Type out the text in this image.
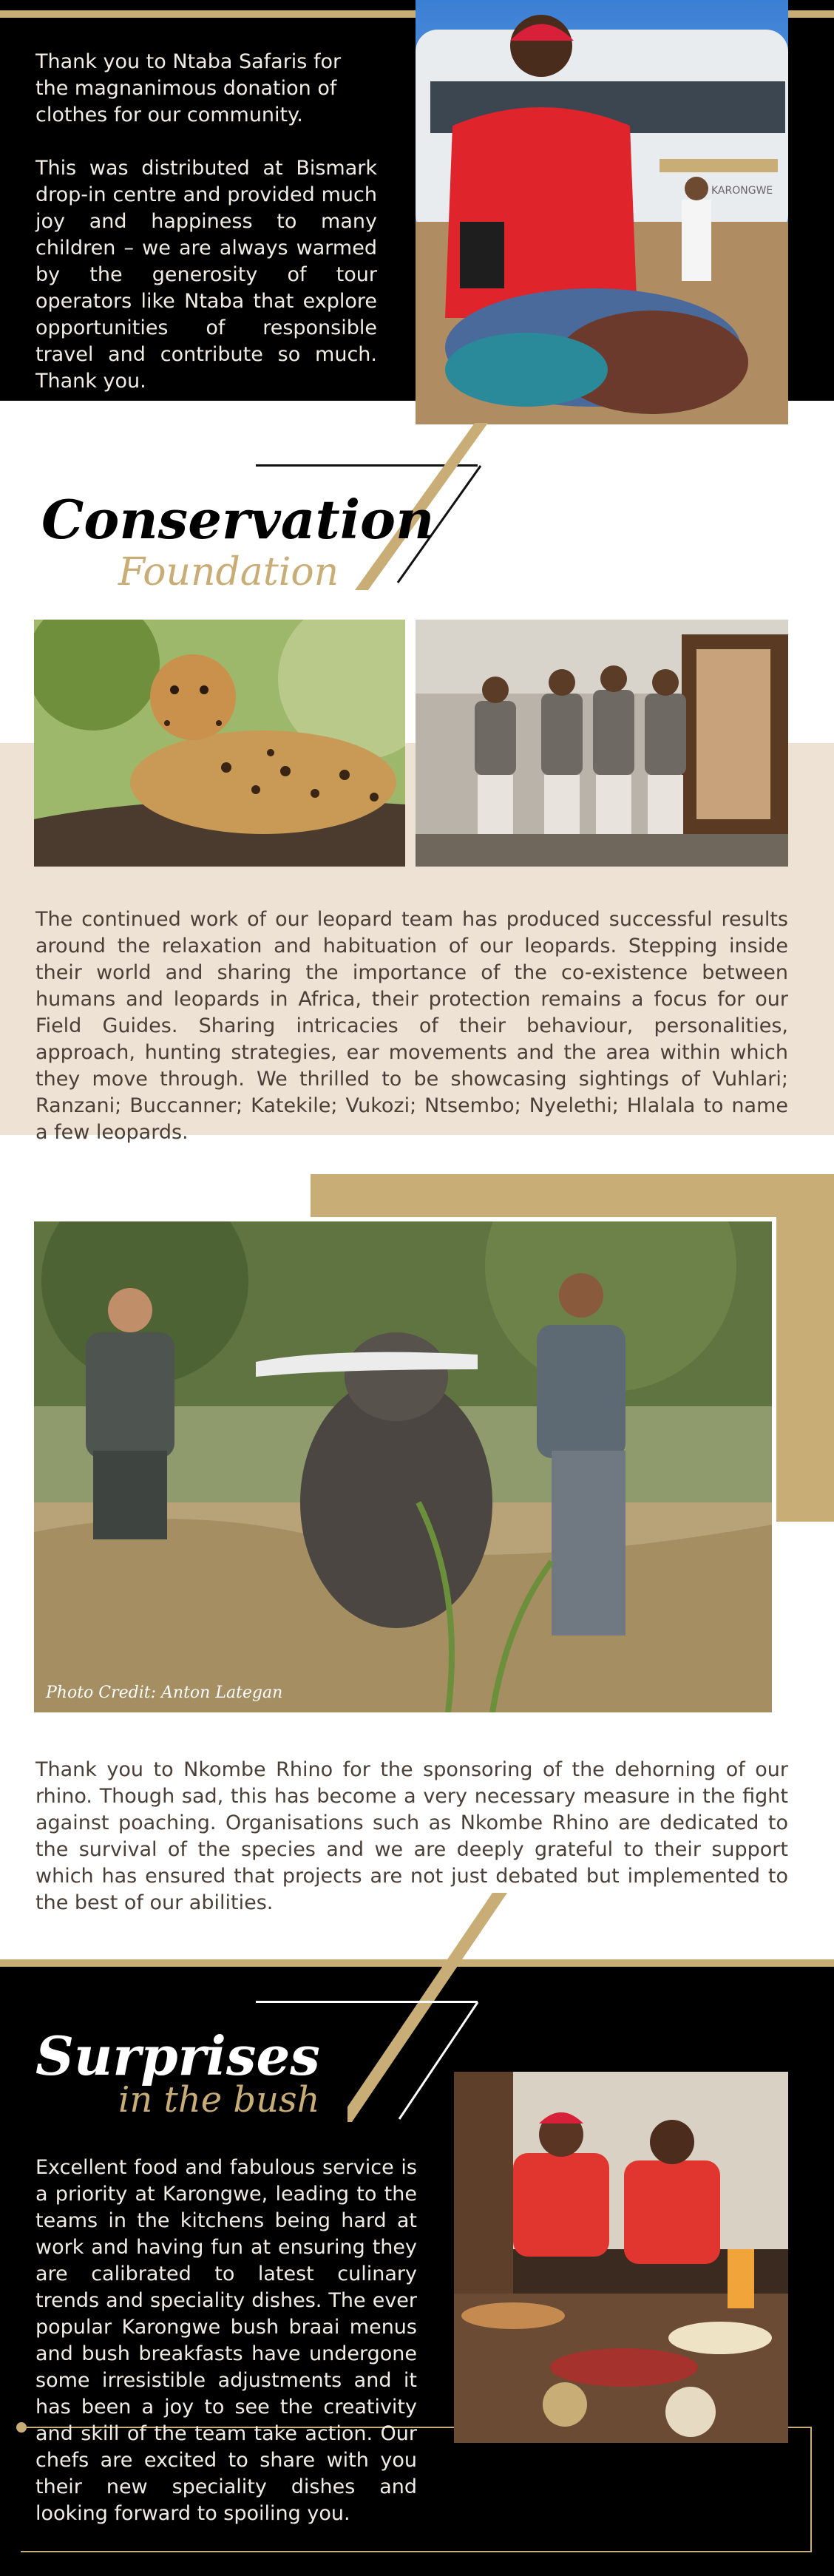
Thank you to Ntaba Safaris for the magnanimous donation of clothes for our community.

This was distributed at Bismark drop-in centre and provided much joy and happiness to many children – we are always warmed by the generosity of tour operators like Ntaba that explore opportunities of responsible travel and contribute so much. Thank you.

KARONGWE
Conservation
Foundation

The continued work of our leopard team has produced successful results around the relaxation and habituation of our leopards. Stepping inside their world and sharing the importance of the co-existence between humans and leopards in Africa, their protection remains a focus for our Field Guides. Sharing intricacies of their behaviour, personalities, approach, hunting strategies, ear movements and the area within which they move through. We thrilled to be showcasing sightings of Vuhlari; Ranzani; Buccanner; Katekile; Vukozi; Ntsembo; Nyelethi; Hlalala to name a few leopards.

Photo Credit: Anton Lategan

Thank you to Nkombe Rhino for the sponsoring of the dehorning of our rhino. Though sad, this has become a very necessary measure in the fight against poaching. Organisations such as Nkombe Rhino are dedicated to the survival of the species and we are deeply grateful to their support which has ensured that projects are not just debated but implemented to the best of our abilities.

Surprises
in the bush

Excellent food and fabulous service is a priority at Karongwe, leading to the teams in the kitchens being hard at work and having fun at ensuring they are calibrated to latest culinary trends and speciality dishes. The ever popular Karongwe bush braai menus and bush breakfasts have undergone some irresistible adjustments and it has been a joy to see the creativity and skill of the team take action. Our chefs are excited to share with you their new speciality dishes and looking forward to spoiling you.
